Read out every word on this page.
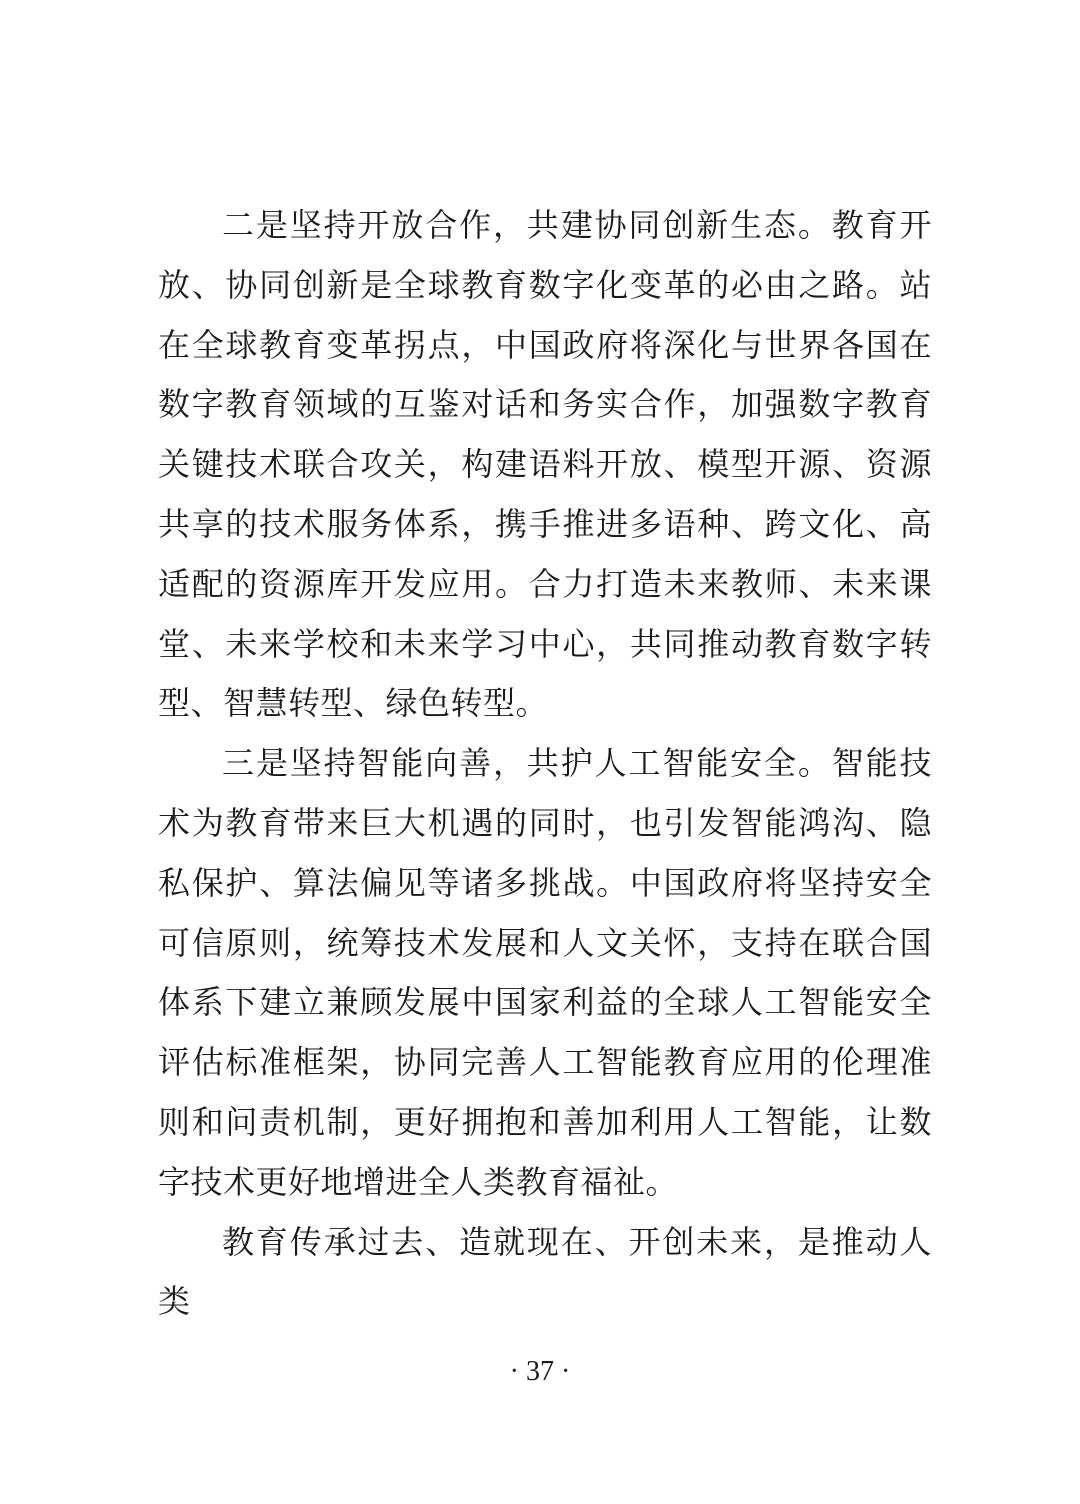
二是坚持开放合作，共建协同创新生态。教育开放、协同创新是全球教育数字化变革的必由之路。站在全球教育变革拐点，中国政府将深化与世界各国在数字教育领域的互鉴对话和务实合作，加强数字教育关键技术联合攻关，构建语料开放、模型开源、资源共享的技术服务体系，携手推进多语种、跨文化、高适配的资源库开发应用。合力打造未来教师、未来课堂、未来学校和未来学习中心，共同推动教育数字转型、智慧转型、绿色转型。

三是坚持智能向善，共护人工智能安全。智能技术为教育带来巨大机遇的同时，也引发智能鸿沟、隐私保护、算法偏见等诸多挑战。中国政府将坚持安全可信原则，统筹技术发展和人文关怀，支持在联合国体系下建立兼顾发展中国家利益的全球人工智能安全评估标准框架，协同完善人工智能教育应用的伦理准则和问责机制，更好拥抱和善加利用人工智能，让数字技术更好地增进全人类教育福祉。

教育传承过去、造就现在、开创未来，是推动人类

· 37 ·
